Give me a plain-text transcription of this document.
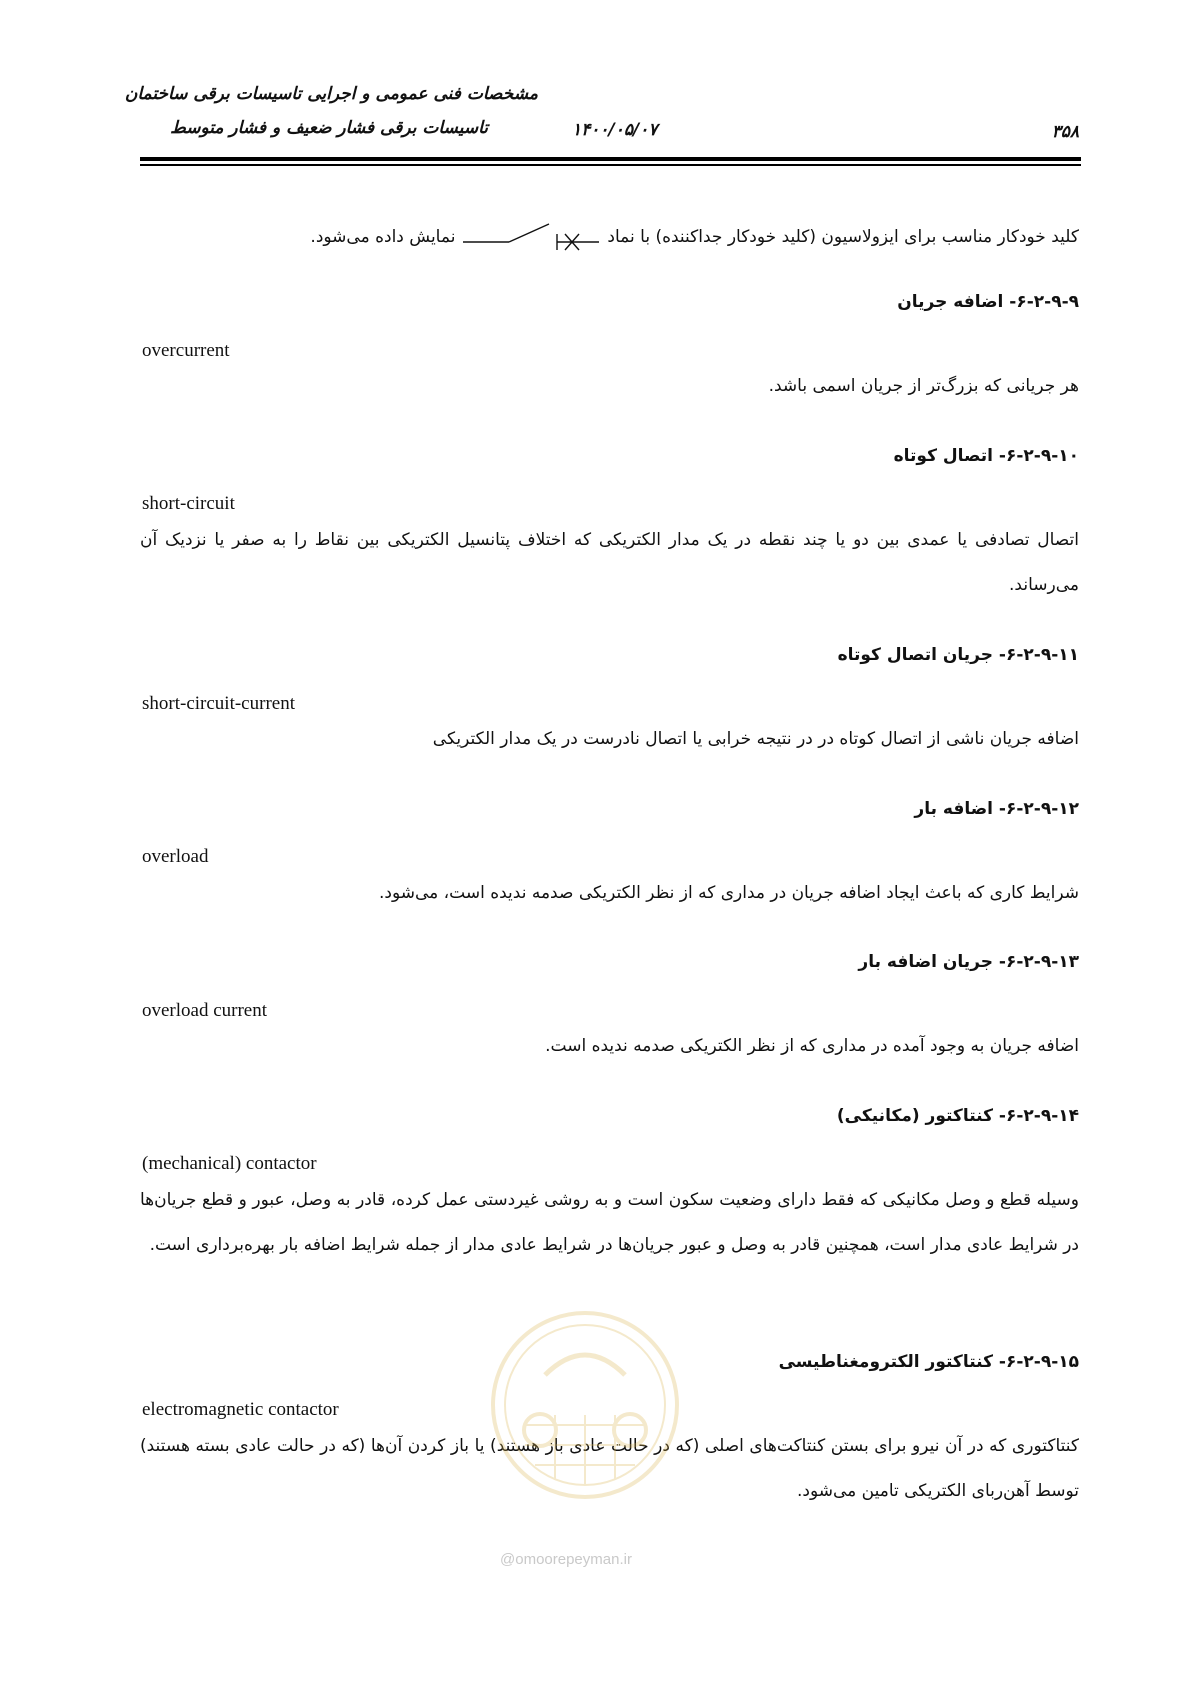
مشخصات فنی عمومی و اجرایی تاسیسات برقی ساختمان
تاسیسات برقی فشار ضعیف و فشار متوسط	۱۴۰۰/۰۵/۰۷	۳۵۸
کلید خودکار مناسب برای ایزولاسیون (کلید خودکار جداکننده) با نماد
نمایش داده می‌شود.
۶-۲-۹-۹- اضافه جریان
overcurrent
هر جریانی که بزرگ‌تر از جریان اسمی باشد.
۶-۲-۹-۱۰- اتصال کوتاه
short-circuit
اتصال تصادفی یا عمدی بین دو یا چند نقطه در یک مدار الکتریکی که اختلاف پتانسیل الکتریکی بین نقاط را به صفر یا نزدیک آن می‌رساند.
۶-۲-۹-۱۱- جریان اتصال کوتاه
short-circuit-current
اضافه جریان ناشی از اتصال کوتاه در در نتیجه خرابی یا اتصال نادرست در یک مدار الکتریکی
۶-۲-۹-۱۲- اضافه بار
overload
شرایط کاری که باعث ایجاد اضافه جریان در مداری که از نظر الکتریکی صدمه ندیده است، می‌شود.
۶-۲-۹-۱۳- جریان اضافه بار
overload current
اضافه جریان به وجود آمده در مداری که از نظر الکتریکی صدمه ندیده است.
۶-۲-۹-۱۴- کنتاکتور (مکانیکی)
(mechanical) contactor
وسیله قطع و وصل مکانیکی که فقط دارای وضعیت سکون است و به روشی غیردستی عمل کرده، قادر به وصل، عبور و قطع جریان‌ها در شرایط عادی مدار است، همچنین قادر به وصل و عبور جریان‌ها در شرایط عادی مدار از جمله شرایط اضافه بار بهره‌برداری است.
۶-۲-۹-۱۵- کنتاکتور الکترومغناطیسی
electromagnetic contactor
کنتاکتوری که در آن نیرو برای بستن کنتاکت‌های اصلی (که در حالت عادی باز هستند) یا باز کردن آن‌ها (که در حالت عادی بسته هستند) توسط آهن‌ربای الکتریکی تامین می‌شود.
@omoorepeyman.ir
